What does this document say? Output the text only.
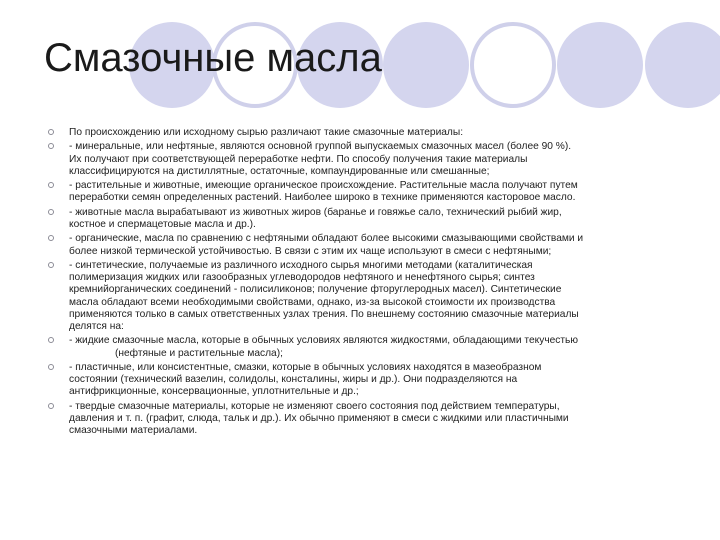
Смазочные масла
По происхождению или исходному сырью различают такие смазочные материалы:
- минеральные, или нефтяные, являются основной группой выпускаемых смазочных масел (более 90 %).
Их получают при соответствующей переработке нефти. По способу получения такие материалы
классифицируются на дистиллятные, остаточные, компаундированные или смешанные;
- растительные и животные, имеющие органическое происхождение. Растительные масла получают путем
переработки семян определенных растений. Наиболее широко в технике применяются касторовое масло.
- животные масла вырабатывают из животных жиров (баранье и говяжье сало, технический рыбий жир,
костное и спермацетовые масла и др.).
- органические, масла по сравнению с нефтяными обладают более высокими смазывающими свойствами и
более низкой термической устойчивостью. В связи с этим их чаще используют в смеси с нефтяными;
- синтетические, получаемые из различного исходного сырья многими методами (каталитическая
полимеризация жидких или газообразных углеводородов нефтяного и ненефтяного сырья; синтез
кремнийорганических соединений - полисиликонов; получение фторуглеродных масел). Синтетические
масла обладают всеми необходимыми свойствами, однако, из-за высокой стоимости их производства
применяются только в самых ответственных узлах трения. По внешнему состоянию смазочные материалы
делятся на:
- жидкие смазочные масла, которые в обычных условиях являются жидкостями, обладающими текучестью
(нефтяные и растительные масла);
- пластичные, или консистентные, смазки, которые в обычных условиях находятся в мазеобразном
состоянии (технический вазелин, солидолы, консталины, жиры и др.). Они подразделяются на
антифрикционные, консервационные, уплотнительные и др.;
- твердые смазочные материалы, которые не изменяют своего состояния под действием температуры,
давления и т. п. (графит, слюда, тальк и др.). Их обычно применяют в смеси с жидкими или пластичными
смазочными материалами.
